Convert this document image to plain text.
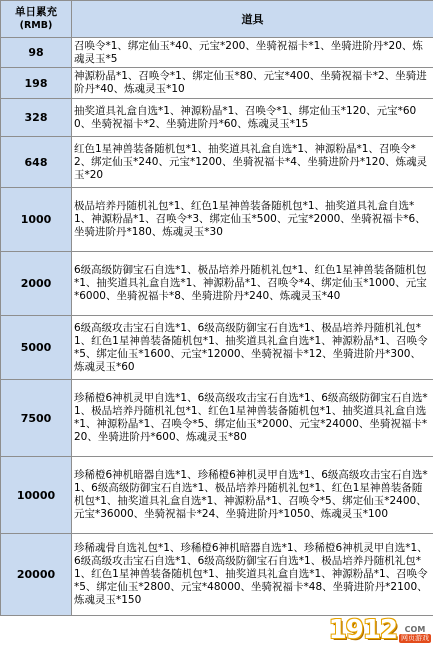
单日累充
(RMB)	道具
98	召唤令*1、绑定仙玉*40、元宝*200、坐骑祝福卡*1、坐骑进阶丹*20、炼魂灵玉*5
198	神源粉晶*1、召唤令*1、绑定仙玉*80、元宝*400、坐骑祝福卡*2、坐骑进阶丹*40、炼魂灵玉*10
328	抽奖道具礼盒自选*1、神源粉晶*1、召唤令*1、绑定仙玉*120、元宝*600、坐骑祝福卡*2、坐骑进阶丹*60、炼魂灵玉*15
648	红色1星神兽装备随机包*1、抽奖道具礼盒自选*1、神源粉晶*1、召唤令*2、绑定仙玉*240、元宝*1200、坐骑祝福卡*4、坐骑进阶丹*120、炼魂灵玉*20
1000	极品培养丹随机礼包*1、红色1星神兽装备随机包*1、抽奖道具礼盒自选*1、神源粉晶*1、召唤令*3、绑定仙玉*500、元宝*2000、坐骑祝福卡*6、坐骑进阶丹*180、炼魂灵玉*30
2000	6级高级防御宝石自选*1、极品培养丹随机礼包*1、红色1星神兽装备随机包*1、抽奖道具礼盒自选*1、神源粉晶*1、召唤令*4、绑定仙玉*1000、元宝*6000、坐骑祝福卡*8、坐骑进阶丹*240、炼魂灵玉*40
5000	6级高级攻击宝石自选*1、6级高级防御宝石自选*1、极品培养丹随机礼包*1、红色1星神兽装备随机包*1、抽奖道具礼盒自选*1、神源粉晶*1、召唤令*5、绑定仙玉*1600、元宝*12000、坐骑祝福卡*12、坐骑进阶丹*300、炼魂灵玉*60
7500	珍稀橙6神机灵甲自选*1、6级高级攻击宝石自选*1、6级高级防御宝石自选*1、极品培养丹随机礼包*1、红色1星神兽装备随机包*1、抽奖道具礼盒自选*1、神源粉晶*1、召唤令*5、绑定仙玉*2000、元宝*24000、坐骑祝福卡*20、坐骑进阶丹*600、炼魂灵玉*80
10000	珍稀橙6神机暗器自选*1、珍稀橙6神机灵甲自选*1、6级高级攻击宝石自选*1、6级高级防御宝石自选*1、极品培养丹随机礼包*1、红色1星神兽装备随机包*1、抽奖道具礼盒自选*1、神源粉晶*1、召唤令*5、绑定仙玉*2400、元宝*36000、坐骑祝福卡*24、坐骑进阶丹*1050、炼魂灵玉*100
20000	珍稀魂骨自选礼包*1、珍稀橙6神机暗器自选*1、珍稀橙6神机灵甲自选*1、6级高级攻击宝石自选*1、6级高级防御宝石自选*1、极品培养丹随机礼包*1、红色1星神兽装备随机包*1、抽奖道具礼盒自选*1、神源粉晶*1、召唤令*5、绑定仙玉*2800、元宝*48000、坐骑祝福卡*48、坐骑进阶丹*2100、炼魂灵玉*150
1912 COM
网页游戏
